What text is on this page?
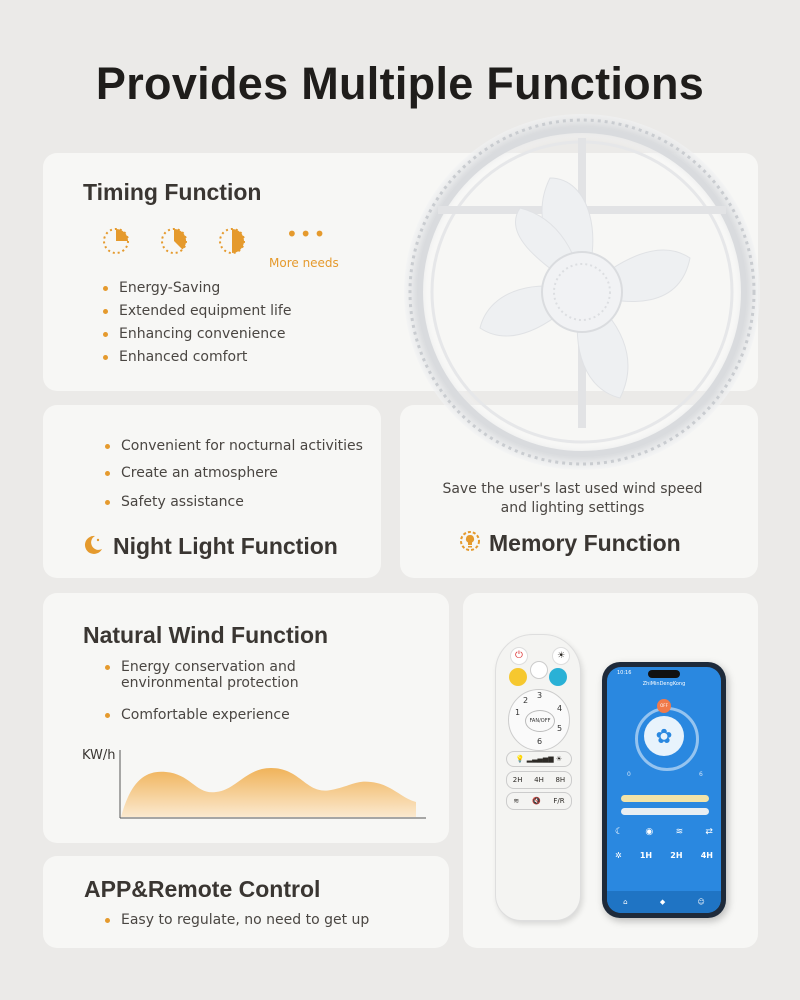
Provides Multiple Functions
Timing Function
•••
More needs
Energy-Saving
Extended equipment life
Enhancing convenience
Enhanced comfort
Convenient for nocturnal activities
Create an atmosphere
Safety assistance
Night Light Function
Save the user's last used wind speed and lighting settings
Memory Function
Natural Wind Function
Energy conservation and environmental protection
Comfortable experience
KW/h
APP&Remote Control
Easy to regulate, no need to get up
⏻	☀
1
2
3
4
5
6
FAN/OFF
💡 ▂▃▄▅▆ ☀
2H 4H 8H
≋ 🔇 F/R
10:16
ZhiMinDengKong
✿
OFF
0	6
☾ ◉ ≋ ⇄
✲ 1H 2H 4H
⌂	◆	☺
